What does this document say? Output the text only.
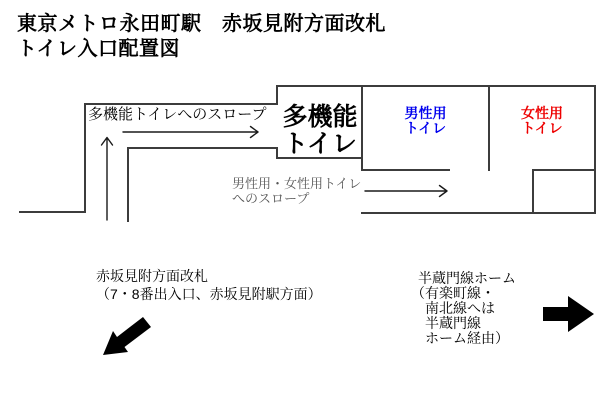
東京メトロ永田町駅　赤坂見附方面改札
トイレ入口配置図
多機能トイレへのスロープ 多機能
トイレ
男性用
トイレ
女性用
トイレ
男性用・女性用トイレ
へのスロープ
赤坂見附方面改札
（7・8番出入口、赤坂見附駅方面）
半蔵門線ホーム
（有楽町線・
南北線へは
半蔵門線
ホーム経由）
